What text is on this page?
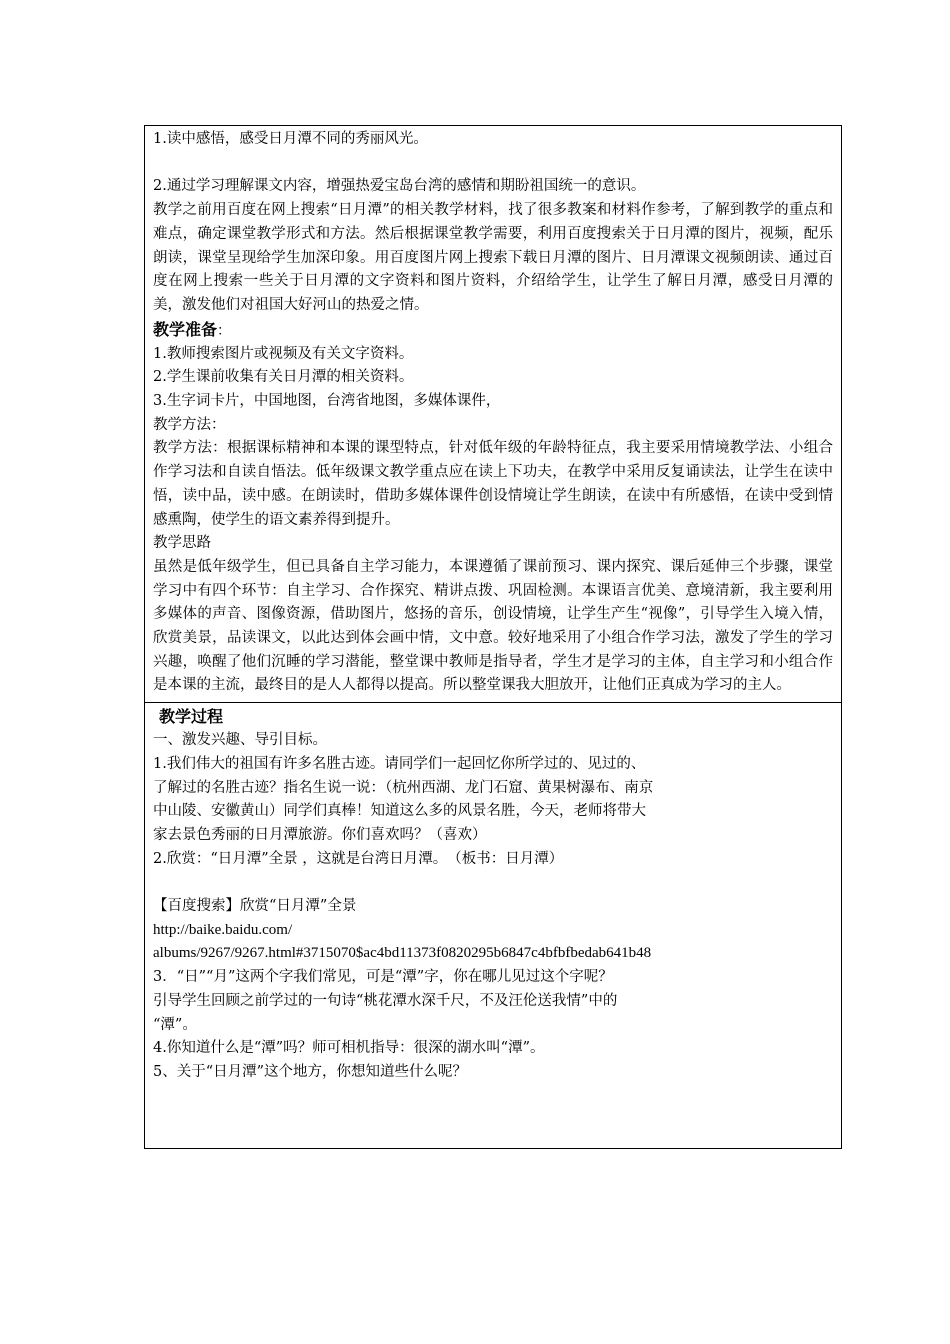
1.读中感悟，感受日月潭不同的秀丽风光。
2.通过学习理解课文内容，增强热爱宝岛台湾的感情和期盼祖国统一的意识。

教学之前用百度在网上搜索“日月潭”的相关教学材料，找了很多教案和材料作参考，了解到教学的重点和难点，确定课堂教学形式和方法。然后根据课堂教学需要，利用百度搜索关于日月潭的图片，视频，配乐朗读，课堂呈现给学生加深印象。用百度图片网上搜索下载日月潭的图片、日月潭课文视频朗读、通过百度在网上搜索一些关于日月潭的文字资料和图片资料，介绍给学生，让学生了解日月潭，感受日月潭的美，激发他们对祖国大好河山的热爱之情。

教学准备：
1.教师搜索图片或视频及有关文字资料。
2.学生课前收集有关日月潭的相关资料。
3.生字词卡片，中国地图，台湾省地图，多媒体课件，
教学方法：

教学方法：根据课标精神和本课的课型特点，针对低年级的年龄特征点，我主要采用情境教学法、小组合作学习法和自读自悟法。低年级课文教学重点应在读上下功夫，在教学中采用反复诵读法，让学生在读中悟，读中品，读中感。在朗读时，借助多媒体课件创设情境让学生朗读，在读中有所感悟，在读中受到情感熏陶，使学生的语文素养得到提升。

教学思路

虽然是低年级学生，但已具备自主学习能力，本课遵循了课前预习、课内探究、课后延伸三个步骤，课堂学习中有四个环节：自主学习、合作探究、精讲点拨、巩固检测。本课语言优美、意境清新，我主要利用多媒体的声音、图像资源，借助图片，悠扬的音乐，创设情境，让学生产生“视像”，引导学生入境入情，欣赏美景，品读课文，以此达到体会画中情，文中意。较好地采用了小组合作学习法，激发了学生的学习兴趣，唤醒了他们沉睡的学习潜能，整堂课中教师是指导者，学生才是学习的主体，自主学习和小组合作是本课的主流，最终目的是人人都得以提高。所以整堂课我大胆放开，让他们正真成为学习的主人。

教学过程
一、激发兴趣、导引目标。
1.我们伟大的祖国有许多名胜古迹。请同学们一起回忆你所学过的、见过的、
了解过的名胜古迹？指名生说一说：（杭州西湖、龙门石窟、黄果树瀑布、南京
中山陵、安徽黄山）同学们真棒！知道这么多的风景名胜，今天，老师将带大
家去景色秀丽的日月潭旅游。你们喜欢吗？（喜欢）
2.欣赏：“日月潭”全景 ，这就是台湾日月潭。　（板书：日月潭）
【百度搜索】欣赏“日月潭”全景
http://baike.baidu.com/
albums/9267/9267.html#3715070$ac4bd11373f0820295b6847c4bfbfbedab641b48
3．“日”“月”这两个字我们常见，可是“潭”字，你在哪儿见过这个字呢？
引导学生回顾之前学过的一句诗“桃花潭水深千尺，不及汪伦送我情”中的
“潭”。
4.你知道什么是“潭”吗？师可相机指导：很深的湖水叫“潭”。
5、关于“日月潭”这个地方，你想知道些什么呢？
